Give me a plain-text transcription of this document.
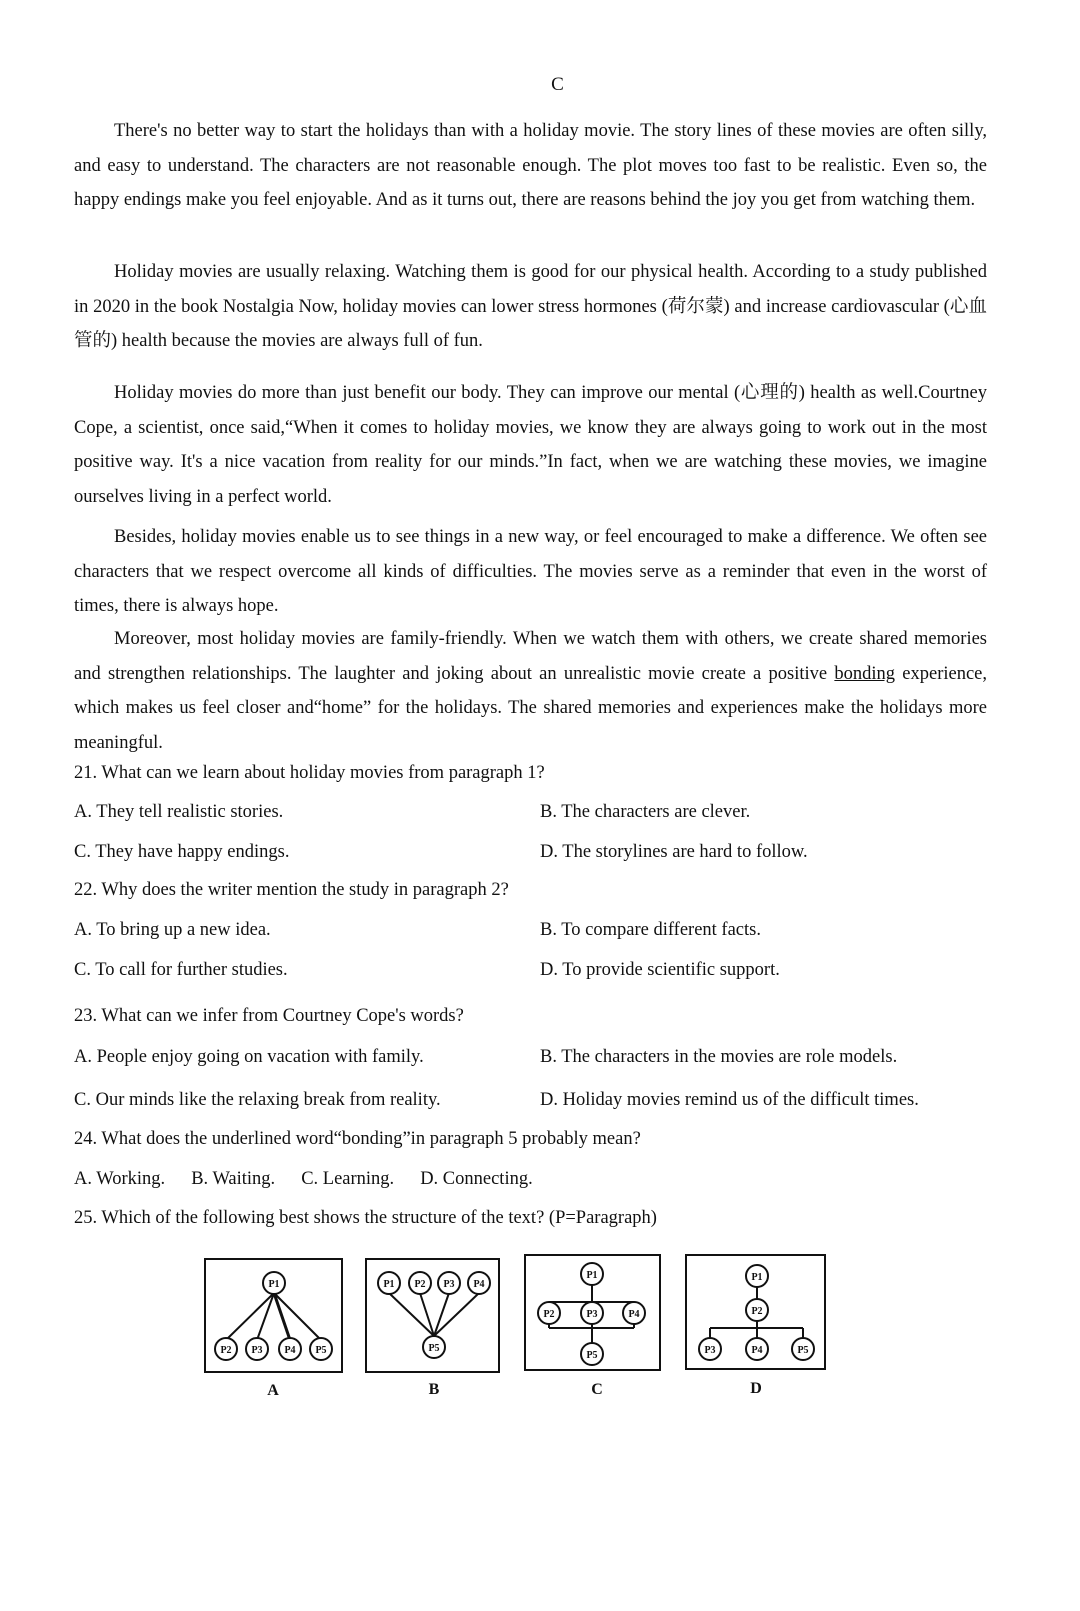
C

There's no better way to start the holidays than with a holiday movie. The story lines of these movies are often silly, and easy to understand. The characters are not reasonable enough. The plot moves too fast to be realistic. Even so, the happy endings make you feel enjoyable. And as it turns out, there are reasons behind the joy you get from watching them.

Holiday movies are usually relaxing. Watching them is good for our physical health. According to a study published in 2020 in the book Nostalgia Now, holiday movies can lower stress hormones (荷尔蒙) and increase cardiovascular (心血管的) health because the movies are always full of fun.

Holiday movies do more than just benefit our body. They can improve our mental (心理的) health as well.Courtney Cope, a scientist, once said,“When it comes to holiday movies, we know they are always going to work out in the most positive way. It's a nice vacation from reality for our minds.”In fact, when we are watching these movies, we imagine ourselves living in a perfect world.

Besides, holiday movies enable us to see things in a new way, or feel encouraged to make a difference. We often see characters that we respect overcome all kinds of difficulties. The movies serve as a reminder that even in the worst of times, there is always hope.

Moreover, most holiday movies are family-friendly. When we watch them with others, we create shared memories and strengthen relationships. The laughter and joking about an unrealistic movie create a positive bonding experience, which makes us feel closer and“home” for the holidays. The shared memories and experiences make the holidays more meaningful.

21. What can we learn about holiday movies from paragraph 1?
A. They tell realistic stories.	B. The characters are clever.
C. They have happy endings.	D. The storylines are hard to follow.
22. Why does the writer mention the study in paragraph 2?
A. To bring up a new idea.	B. To compare different facts.
C. To call for further studies.	D. To provide scientific support.
23. What can we infer from Courtney Cope's words?
A. People enjoy going on vacation with family.	B. The characters in the movies are role models.
C. Our minds like the relaxing break from reality.	D. Holiday movies remind us of the difficult times.
24. What does the underlined word“bonding”in paragraph 5 probably mean?
A. Working. B. Waiting. C. Learning. D. Connecting.
25. Which of the following best shows the structure of the text? (P=Paragraph)
P1
P2 P3 P4 P5
P1 P2 P3 P4
P5
P1
P2	P3	P4
P5
P1
P2
P3	P4	P5
A	B	C	D
